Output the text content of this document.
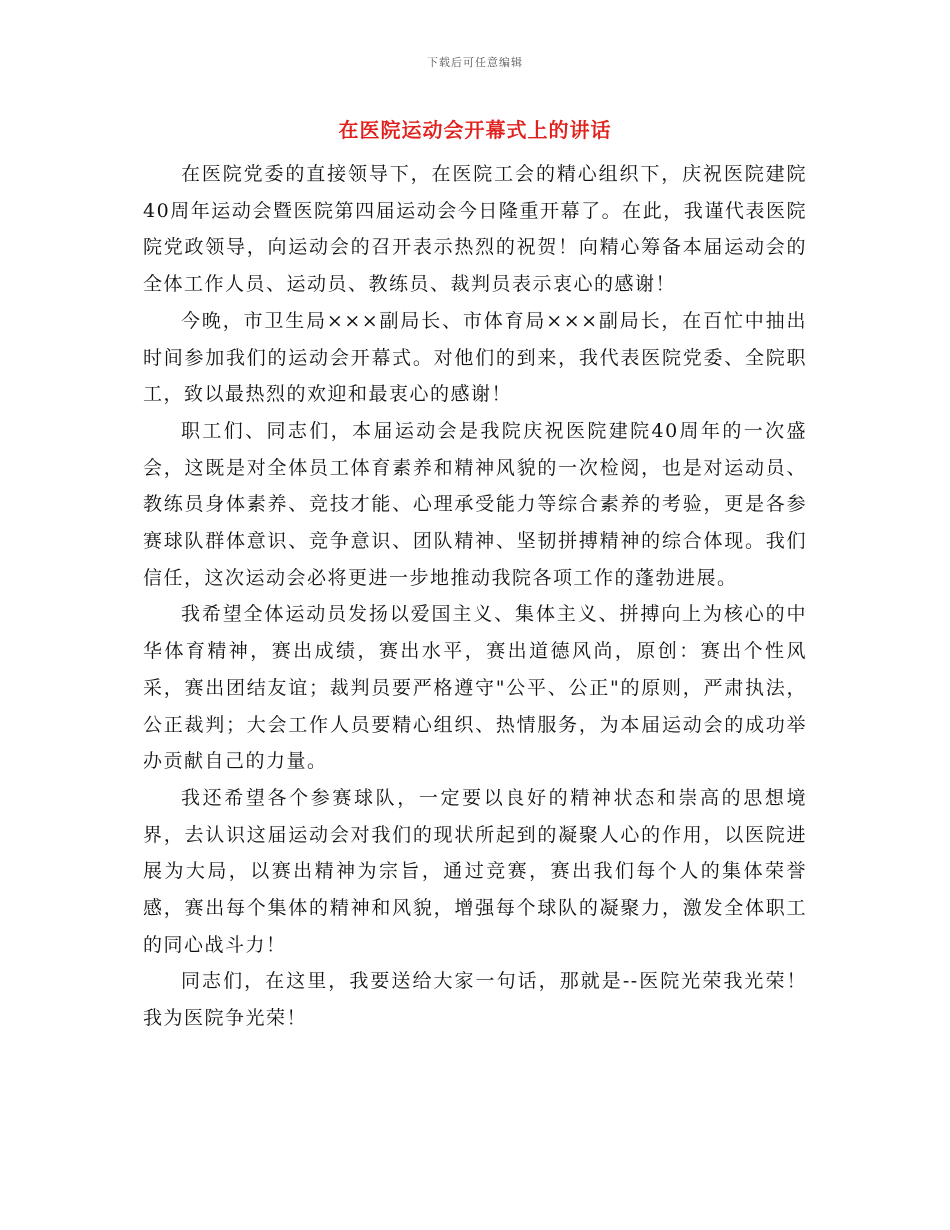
下载后可任意编辑
在医院运动会开幕式上的讲话

在医院党委的直接领导下，在医院工会的精心组织下，庆祝医院建院40周年运动会暨医院第四届运动会今日隆重开幕了。在此，我谨代表医院院党政领导，向运动会的召开表示热烈的祝贺！向精心筹备本届运动会的全体工作人员、运动员、教练员、裁判员表示衷心的感谢！

今晚，市卫生局×××副局长、市体育局×××副局长，在百忙中抽出时间参加我们的运动会开幕式。对他们的到来，我代表医院党委、全院职工，致以最热烈的欢迎和最衷心的感谢！

职工们、同志们，本届运动会是我院庆祝医院建院40周年的一次盛会，这既是对全体员工体育素养和精神风貌的一次检阅，也是对运动员、教练员身体素养、竞技才能、心理承受能力等综合素养的考验，更是各参赛球队群体意识、竞争意识、团队精神、坚韧拼搏精神的综合体现。我们信任，这次运动会必将更进一步地推动我院各项工作的蓬勃进展。

我希望全体运动员发扬以爱国主义、集体主义、拼搏向上为核心的中华体育精神，赛出成绩，赛出水平，赛出道德风尚，原创：赛出个性风采，赛出团结友谊；裁判员要严格遵守"公平、公正"的原则，严肃执法，公正裁判；大会工作人员要精心组织、热情服务，为本届运动会的成功举办贡献自己的力量。

我还希望各个参赛球队，一定要以良好的精神状态和崇高的思想境界，去认识这届运动会对我们的现状所起到的凝聚人心的作用，以医院进展为大局，以赛出精神为宗旨，通过竞赛，赛出我们每个人的集体荣誉感，赛出每个集体的精神和风貌，增强每个球队的凝聚力，激发全体职工的同心战斗力！

同志们，在这里，我要送给大家一句话，那就是--医院光荣我光荣！我为医院争光荣！
